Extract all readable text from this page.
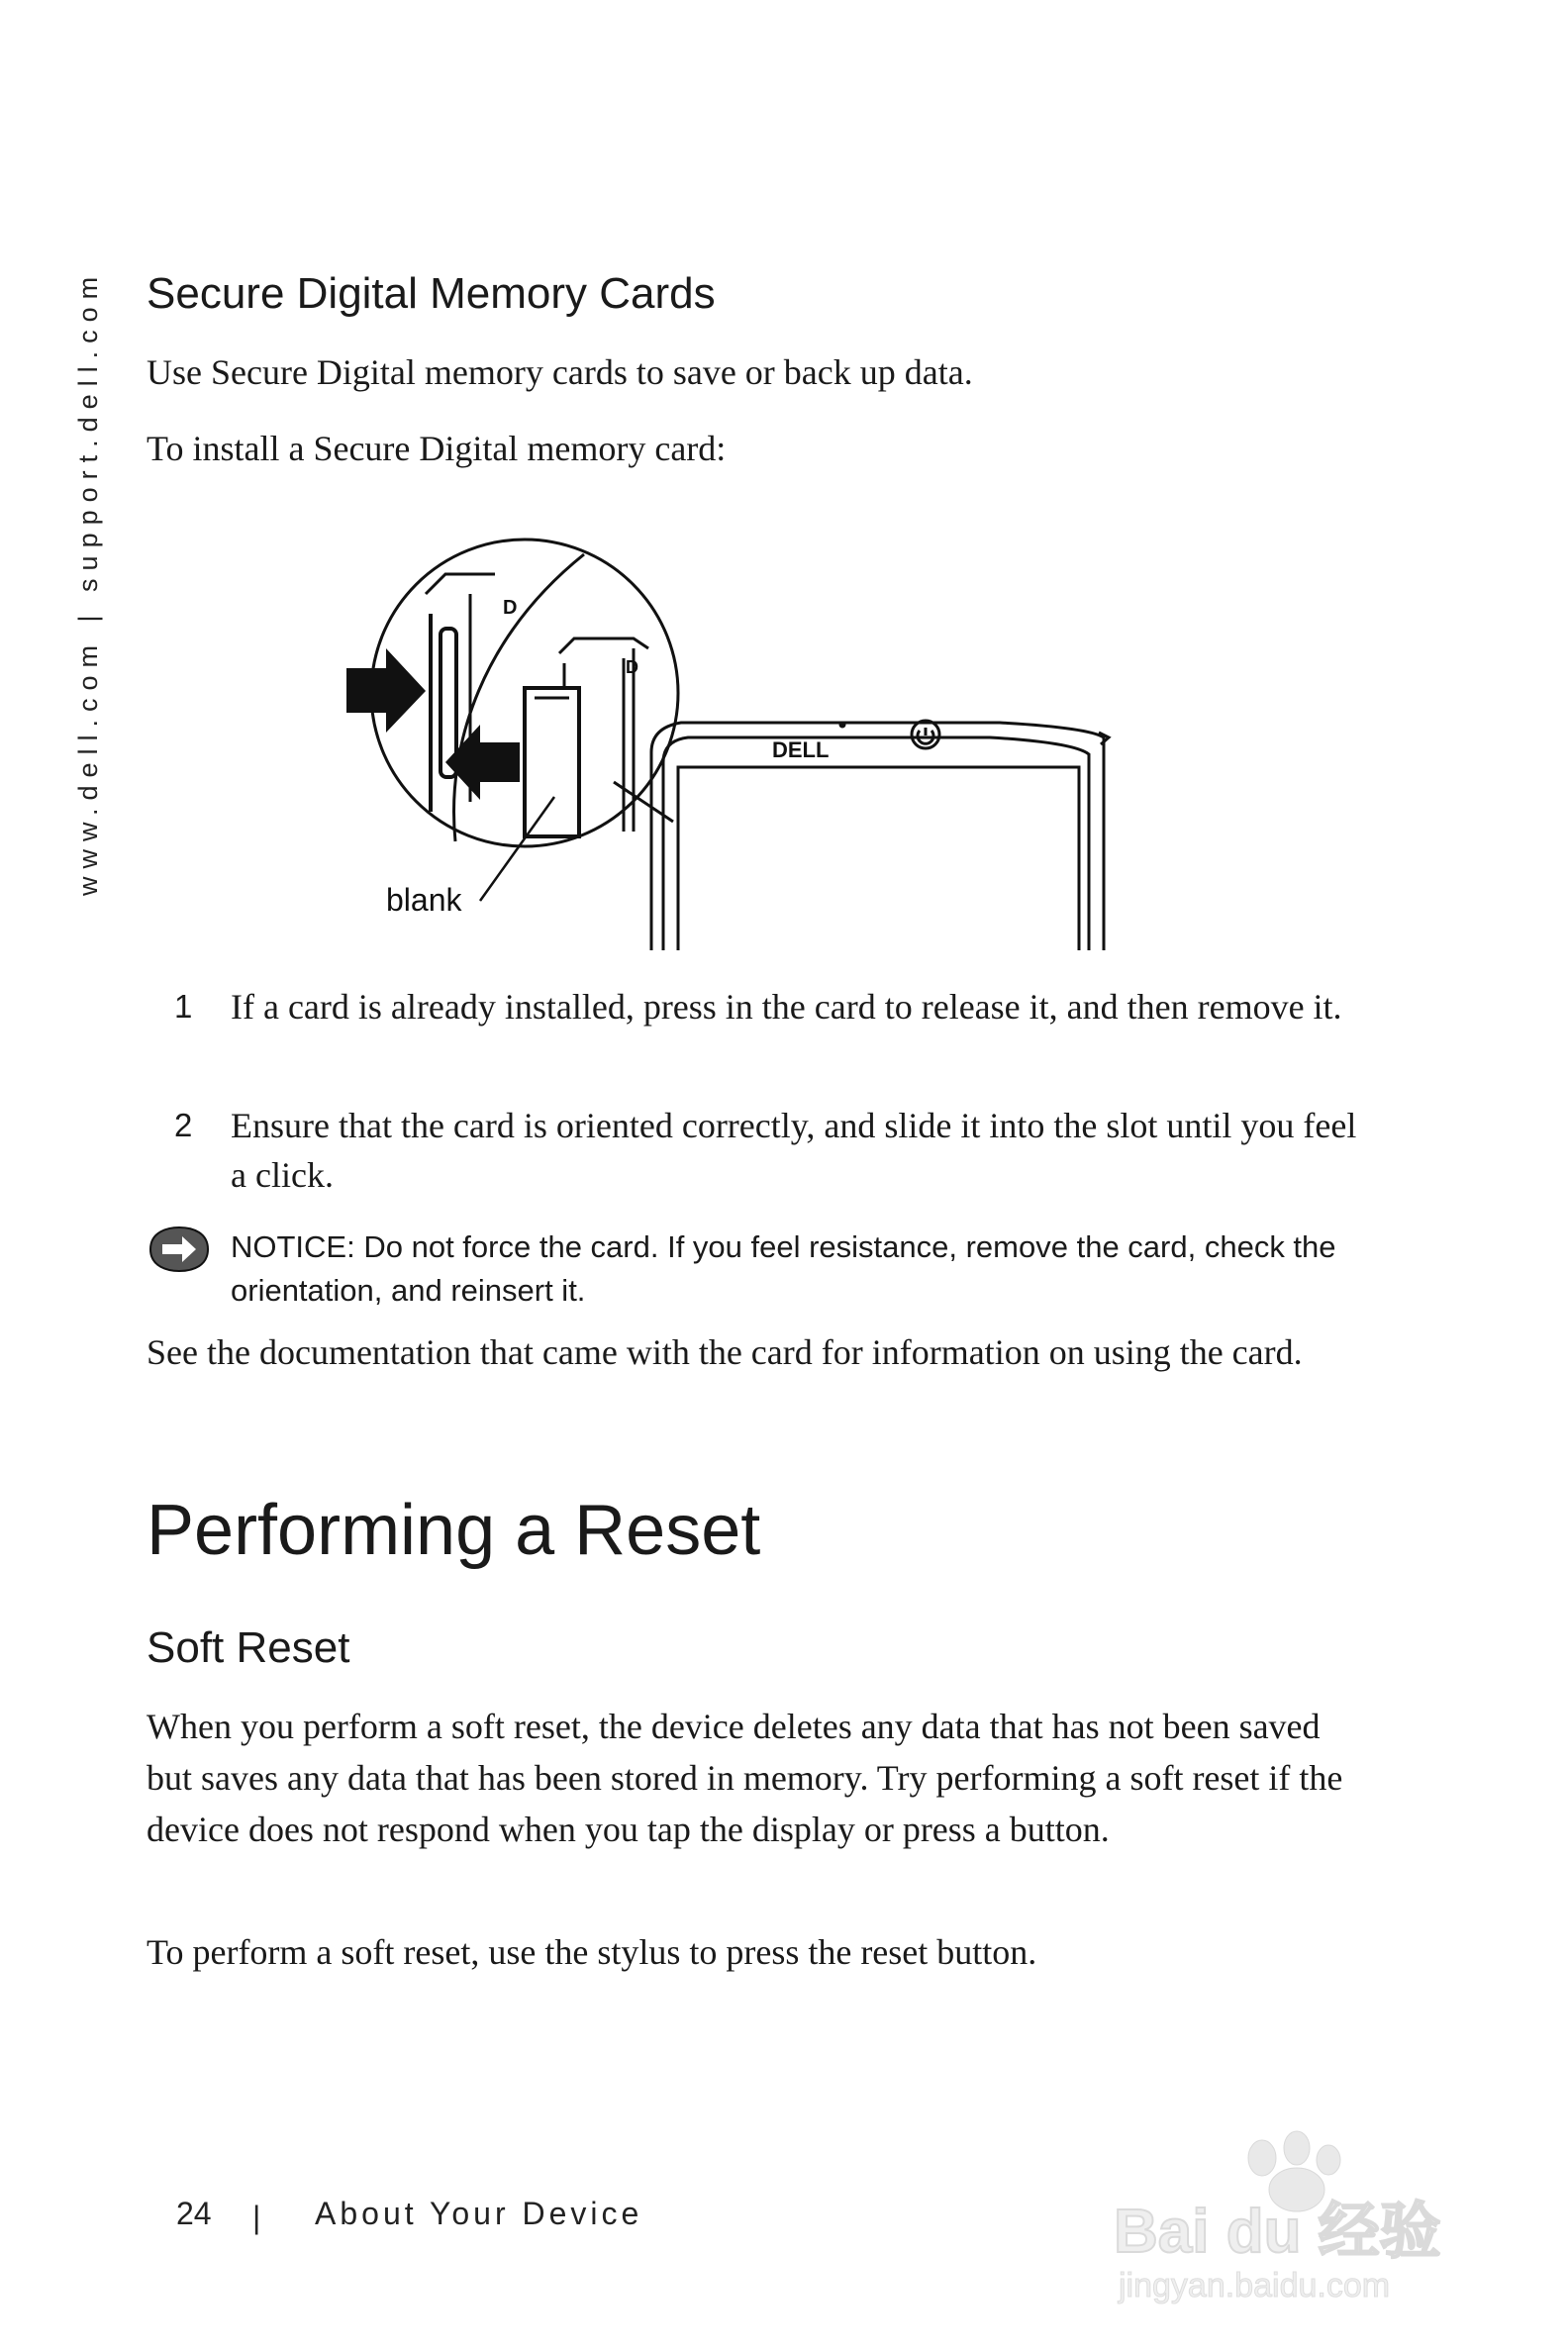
www.dell.com | support.dell.com Secure Digital Memory Cards

Use Secure Digital memory cards to save or back up data.

To install a Secure Digital memory card:

D
D
DELL
blank
1 If a card is already installed, press in the card to release it, and then remove it.
2 Ensure that the card is oriented correctly, and slide it into the slot until you feel a click.
NOTICE: Do not force the card. If you feel resistance, remove the card, check the orientation, and reinsert it.

See the documentation that came with the card for information on using the card.

Performing a Reset
Soft Reset

When you perform a soft reset, the device deletes any data that has not been saved but saves any data that has been stored in memory. Try performing a soft reset if the device does not respond when you tap the display or press a button.

To perform a soft reset, use the stylus to press the reset button.

24 | About Your Device	Bai du 经验
jingyan.baidu.com
